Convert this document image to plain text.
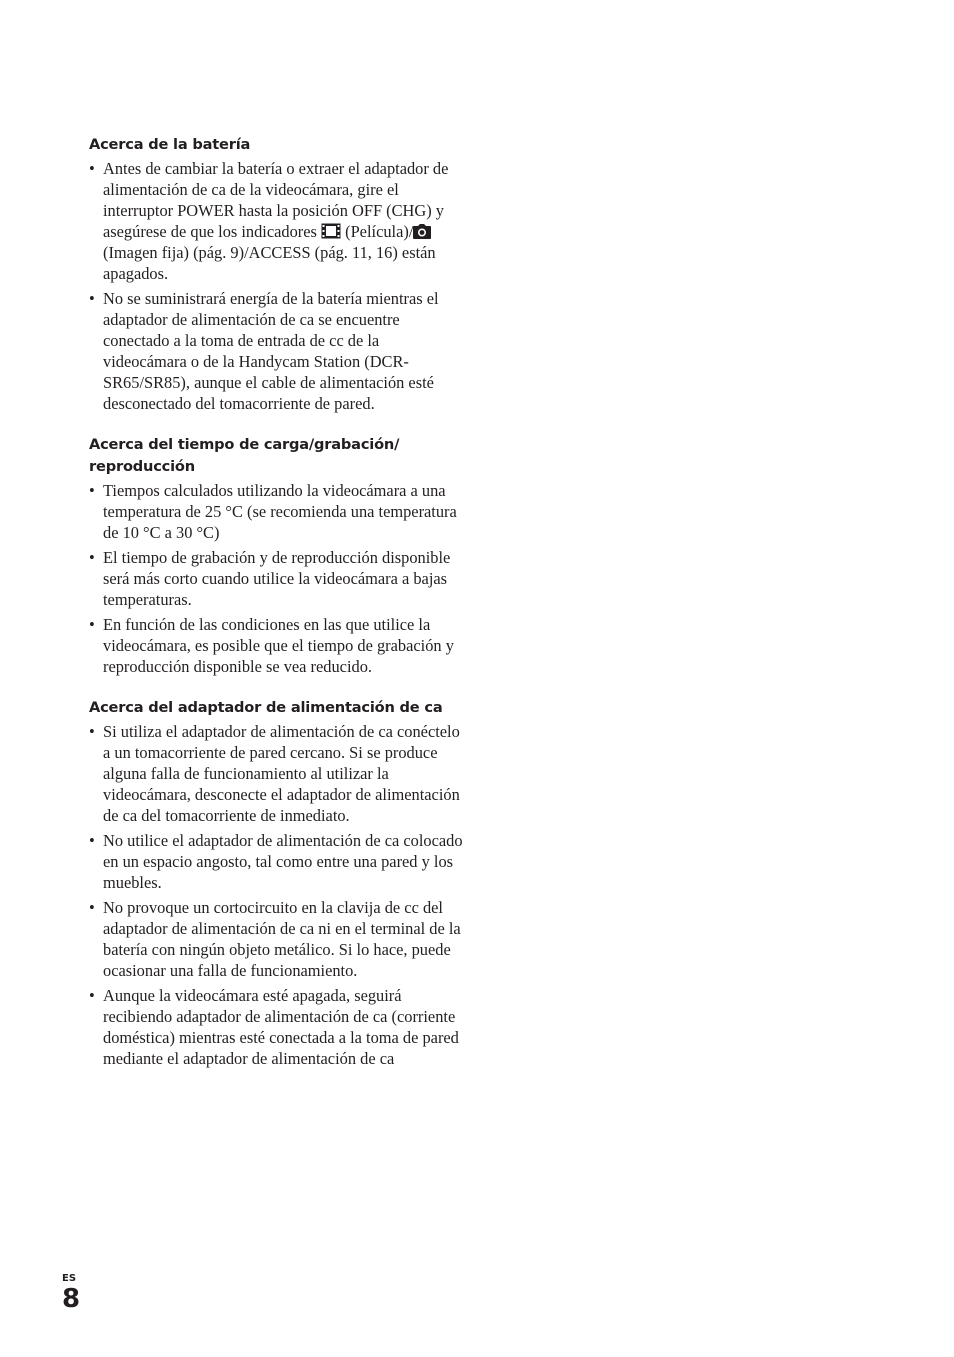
Acerca de la batería
• Antes de cambiar la batería o extraer el adaptador de alimentación de ca de la videocámara, gire el interruptor POWER hasta la posición OFF (CHG) y asegúrese de que los indicadores
(Película)/
(Imagen fija) (pág. 9)/ACCESS (pág. 11, 16) están apagados.
• No se suministrará energía de la batería mientras el adaptador de alimentación de ca se encuentre conectado a la toma de entrada de cc de la videocámara o de la Handycam Station (DCR-SR65/SR85), aunque el cable de alimentación esté desconectado del tomacorriente de pared.
Acerca del tiempo de carga/grabación/ reproducción
• Tiempos calculados utilizando la videocámara a una temperatura de 25 °C (se recomienda una temperatura de 10 °C a 30 °C)
• El tiempo de grabación y de reproducción disponible será más corto cuando utilice la videocámara a bajas temperaturas.
• En función de las condiciones en las que utilice la videocámara, es posible que el tiempo de grabación y reproducción disponible se vea reducido.
Acerca del adaptador de alimentación de ca
• Si utiliza el adaptador de alimentación de ca conéctelo a un tomacorriente de pared cercano. Si se produce alguna falla de funcionamiento al utilizar la videocámara, desconecte el adaptador de alimentación de ca del tomacorriente de inmediato.
• No utilice el adaptador de alimentación de ca colocado en un espacio angosto, tal como entre una pared y los muebles.
• No provoque un cortocircuito en la clavija de cc del adaptador de alimentación de ca ni en el terminal de la batería con ningún objeto metálico. Si lo hace, puede ocasionar una falla de funcionamiento.
• Aunque la videocámara esté apagada, seguirá recibiendo adaptador de alimentación de ca (corriente doméstica) mientras esté conectada a la toma de pared mediante el adaptador de alimentación de ca
ES
8
